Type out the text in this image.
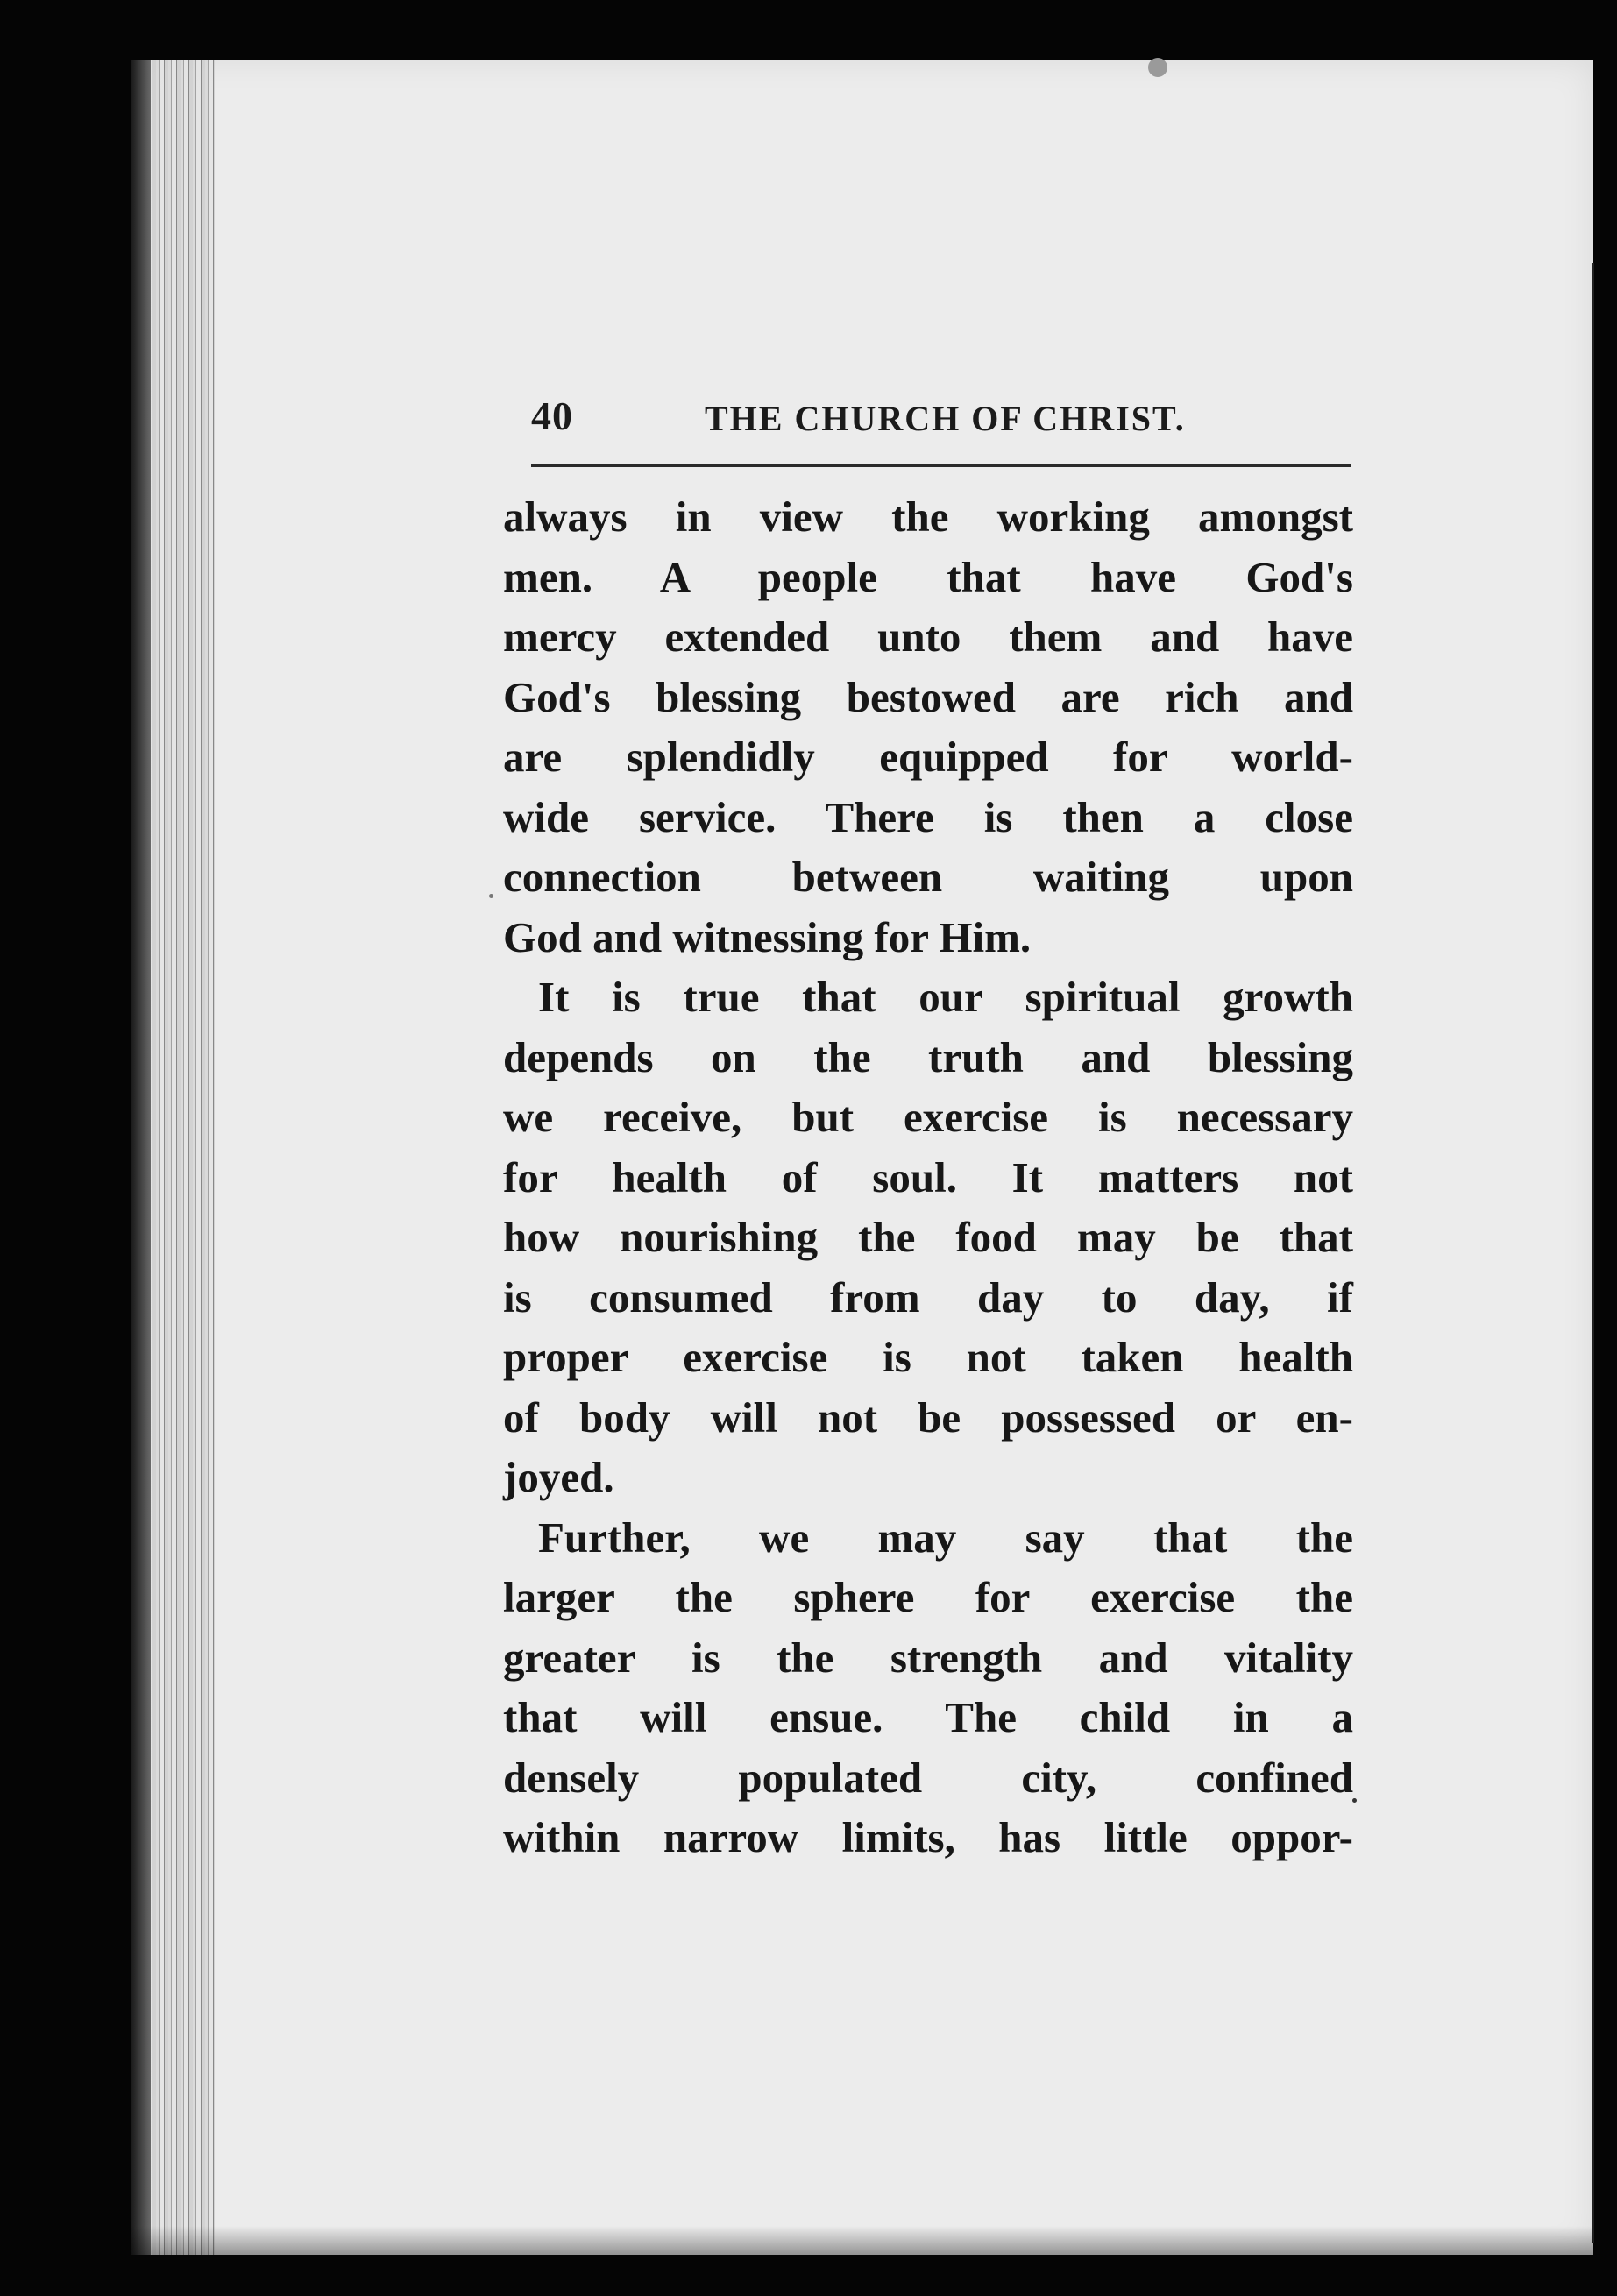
40	THE CHURCH OF CHRIST.
always in view the working amongst
men. A people that have God's
mercy extended unto them and have
God's blessing bestowed are rich and
are splendidly equipped for world-
wide service. There is then a close
connection between waiting upon
God and witnessing for Him.
It is true that our spiritual growth
depends on the truth and blessing
we receive, but exercise is necessary
for health of soul. It matters not
how nourishing the food may be that
is consumed from day to day, if
proper exercise is not taken health
of body will not be possessed or en-
joyed.
Further, we may say that the
larger the sphere for exercise the
greater is the strength and vitality
that will ensue. The child in a
densely populated city, confined
within narrow limits, has little oppor-
